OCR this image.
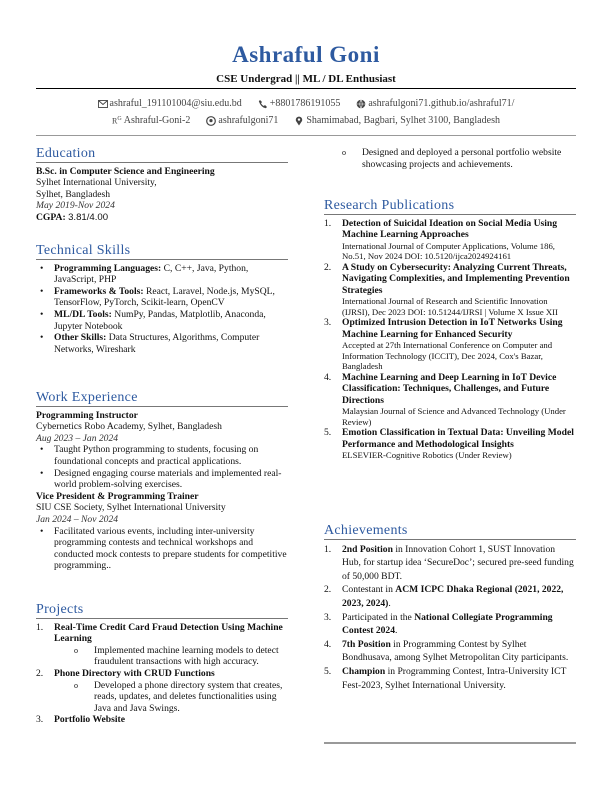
Ashraful Goni
CSE Undergrad || ML / DL Enthusiast
ashraful_191101004@siu.edu.bd	+8801786191055	ashrafulgoni71.github.io/ashraful71/
$R^G$ Ashraful-Goni-2	ashrafulgoni71	Shamimabad, Bagbari, Sylhet 3100, Bangladesh
Education
B.Sc. in Computer Science and Engineering
Sylhet International University,
Sylhet, Bangladesh
May 2019-Nov 2024
CGPA: 3.81/4.00
Technical Skills
• Programming Languages: C, C++, Java, Python, JavaScript, PHP
• Frameworks & Tools: React, Laravel, Node.js, MySQL, TensorFlow, PyTorch, Scikit-learn, OpenCV
• ML/DL Tools: NumPy, Pandas, Matplotlib, Anaconda, Jupyter Notebook
• Other Skills: Data Structures, Algorithms, Computer Networks, Wireshark
Work Experience
Programming Instructor
Cybernetics Robo Academy, Sylhet, Bangladesh
Aug 2023 – Jan 2024
• Taught Python programming to students, focusing on foundational concepts and practical applications.
• Designed engaging course materials and implemented real-world problem-solving exercises.
Vice President & Programming Trainer
SIU CSE Society, Sylhet International University
Jan 2024 – Nov 2024
• Facilitated various events, including inter-university programming contests and technical workshops and conducted mock contests to prepare students for competitive programming..
Projects
1. Real-Time Credit Card Fraud Detection Using Machine Learning
o Implemented machine learning models to detect fraudulent transactions with high accuracy.
2. Phone Directory with CRUD Functions
o Developed a phone directory system that creates, reads, updates, and deletes functionalities using Java and Java Swings.
3. Portfolio Website
o Designed and deployed a personal portfolio website showcasing projects and achievements.
Research Publications
1. Detection of Suicidal Ideation on Social Media Using Machine Learning Approaches
International Journal of Computer Applications, Volume 186, No.51, Nov 2024 DOI: 10.5120/ijca2024924161
2. A Study on Cybersecurity: Analyzing Current Threats, Navigating Complexities, and Implementing Prevention Strategies
International Journal of Research and Scientific Innovation (IJRSI), Dec 2023 DOI: 10.51244/IJRSI | Volume X Issue XII
3. Optimized Intrusion Detection in IoT Networks Using Machine Learning for Enhanced Security
Accepted at 27th International Conference on Computer and Information Technology (ICCIT), Dec 2024, Cox's Bazar, Bangladesh
4. Machine Learning and Deep Learning in IoT Device Classification: Techniques, Challenges, and Future Directions
Malaysian Journal of Science and Advanced Technology (Under Review)
5. Emotion Classification in Textual Data: Unveiling Model Performance and Methodological Insights
ELSEVIER-Cognitive Robotics (Under Review)
Achievements
1. 2nd Position in Innovation Cohort 1, SUST Innovation Hub, for startup idea ‘SecureDoc’; secured pre-seed funding of 50,000 BDT.
2. Contestant in ACM ICPC Dhaka Regional (2021, 2022, 2023, 2024).
3. Participated in the National Collegiate Programming Contest 2024.
4. 7th Position in Programming Contest by Sylhet Bondhusava, among Sylhet Metropolitan City participants.
5. Champion in Programming Contest, Intra-University ICT Fest-2023, Sylhet International University.
